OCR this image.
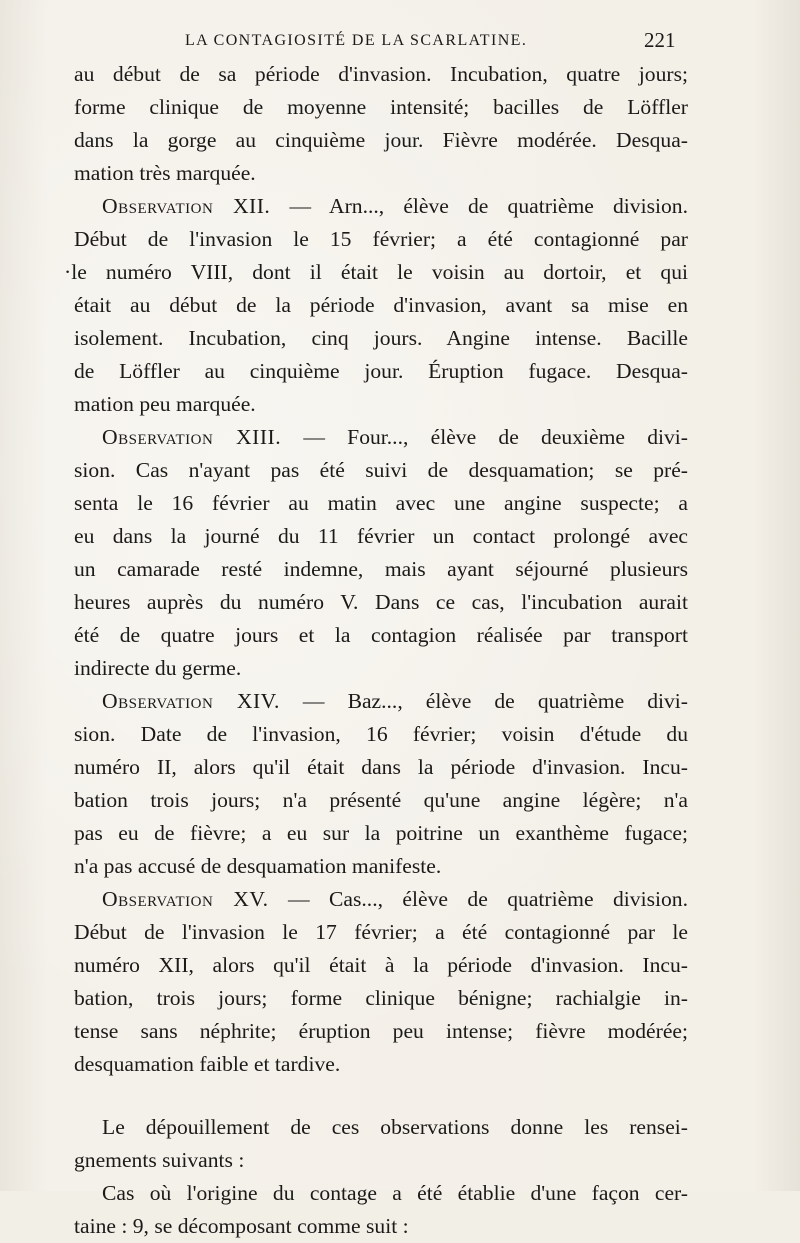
LA CONTAGIOSITÉ DE LA SCARLATINE.	221

au début de sa période d'invasion. Incubation, quatre jours;
forme clinique de moyenne intensité; bacilles de Löffler
dans la gorge au cinquième jour. Fièvre modérée. Desqua-
mation très marquée.

Observation XII. — Arn..., élève de quatrième division.
Début de l'invasion le 15 février; a été contagionné par
·le numéro VIII, dont il était le voisin au dortoir, et qui
était au début de la période d'invasion, avant sa mise en
isolement. Incubation, cinq jours. Angine intense. Bacille
de Löffler au cinquième jour. Éruption fugace. Desqua-
mation peu marquée.

Observation XIII. — Four..., élève de deuxième divi-
sion. Cas n'ayant pas été suivi de desquamation; se pré-
senta le 16 février au matin avec une angine suspecte; a
eu dans la journé du 11 février un contact prolongé avec
un camarade resté indemne, mais ayant séjourné plusieurs
heures auprès du numéro V. Dans ce cas, l'incubation aurait
été de quatre jours et la contagion réalisée par transport
indirecte du germe.

Observation XIV. — Baz..., élève de quatrième divi-
sion. Date de l'invasion, 16 février; voisin d'étude du
numéro II, alors qu'il était dans la période d'invasion. Incu-
bation trois jours; n'a présenté qu'une angine légère; n'a
pas eu de fièvre; a eu sur la poitrine un exanthème fugace;
n'a pas accusé de desquamation manifeste.

Observation XV. — Cas..., élève de quatrième division.
Début de l'invasion le 17 février; a été contagionné par le
numéro XII, alors qu'il était à la période d'invasion. Incu-
bation, trois jours; forme clinique bénigne; rachialgie in-
tense sans néphrite; éruption peu intense; fièvre modérée;
desquamation faible et tardive.

Le dépouillement de ces observations donne les rensei-
gnements suivants :

Cas où l'origine du contage a été établie d'une façon cer-
taine : 9, se décomposant comme suit :
